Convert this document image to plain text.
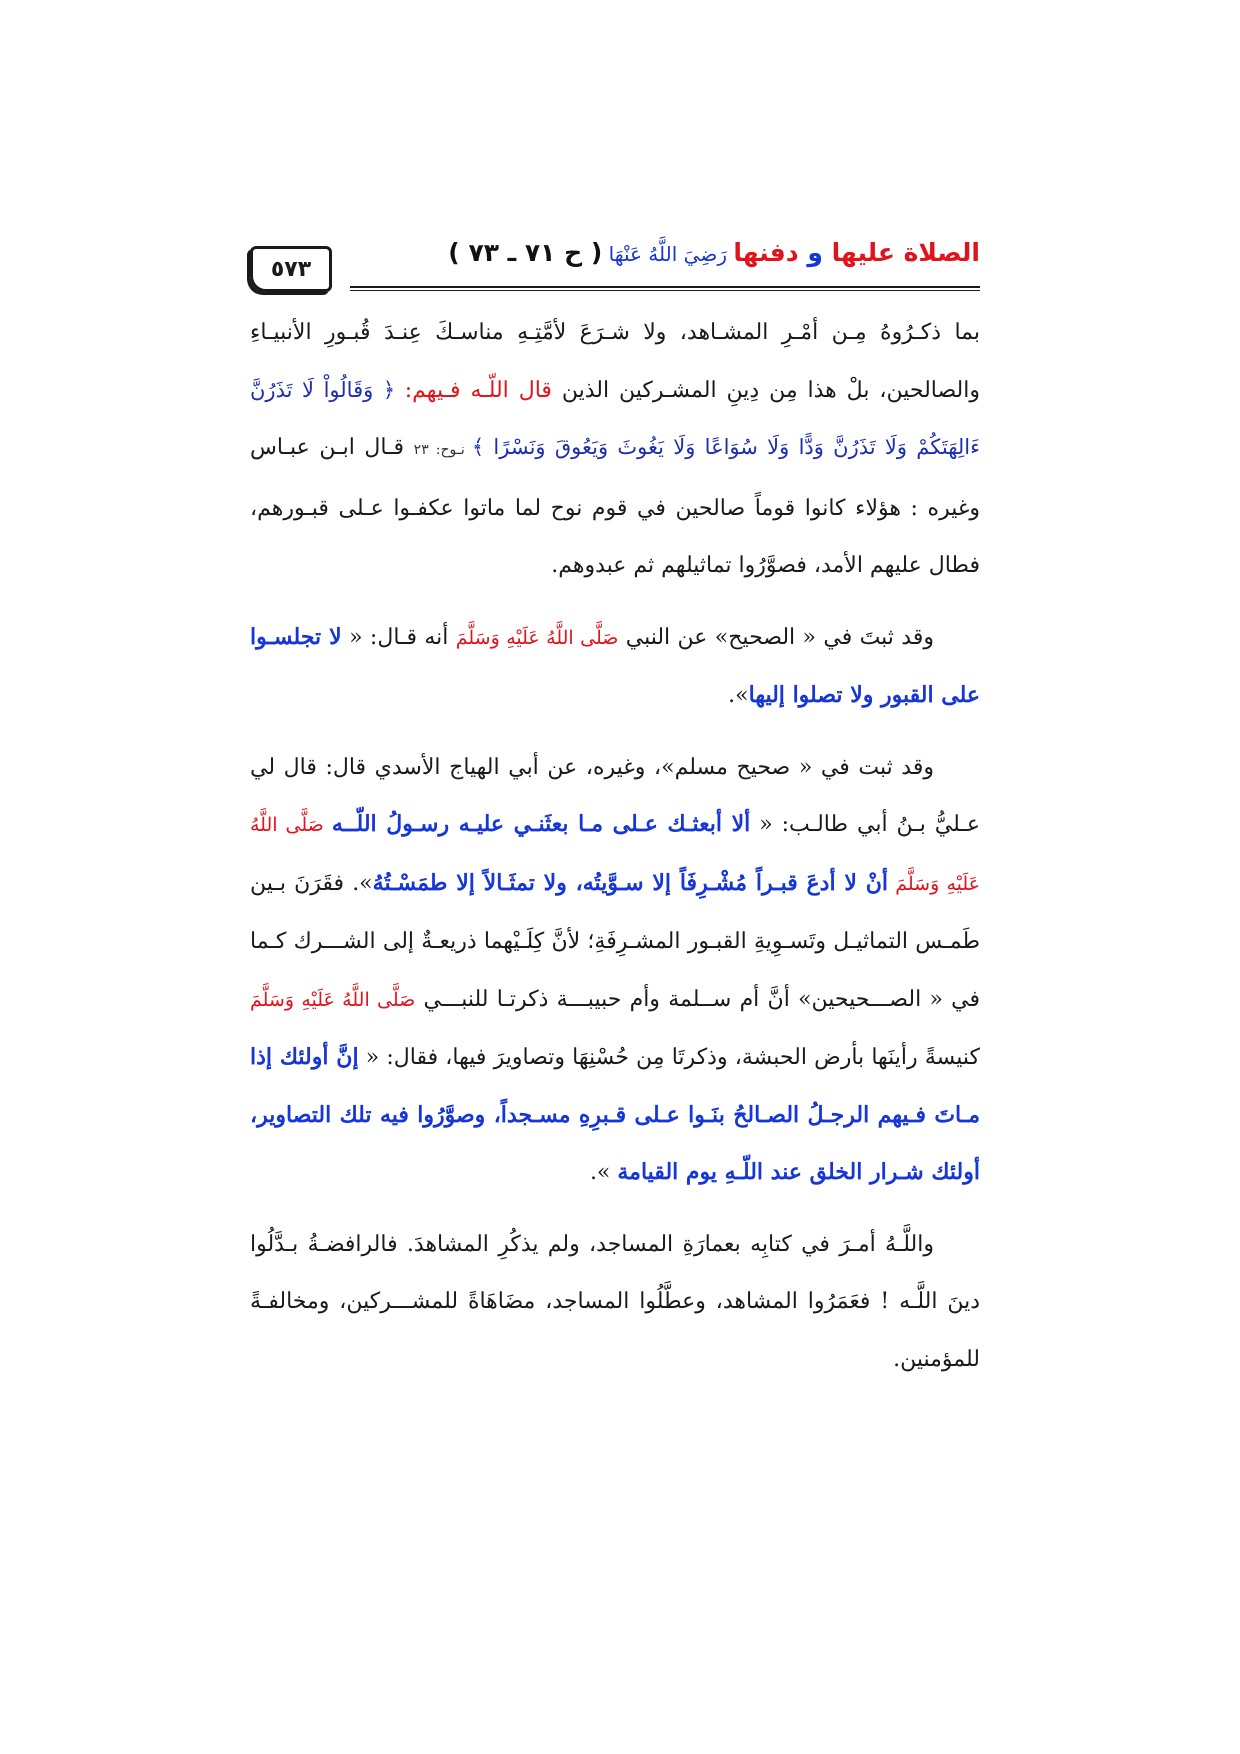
٥٧٣
الصلاة عليها و دفنها رَضِيَ اللَّهُ عَنْهَا ( ح ٧١ ـ ٧٣ )

بما ذكـرُوهُ مِـن أمْـرِ المشـاهد، ولا شـرَعَ لأمَّتِـهِ مناسـكَ عِنـدَ قُبـورِ الأنبيـاءِ والصالحين، بلْ هذا مِن دِينِ المشـركين الذين قال اللّـه فـيهم: ﴿ وَقَالُواْ لَا تَذَرُنَّ ءَالِهَتَكُمْ وَلَا تَذَرُنَّ وَدًّا وَلَا سُوَاعًا وَلَا يَغُوثَ وَيَعُوقَ وَنَسْرًا ﴾ نـوح: ٢٣ قـال ابـن عبـاس وغيره : هؤلاء كانوا قوماً صالحين في قوم نوح لما ماتوا عكفـوا عـلى قبـورهم، فطال عليهم الأمد، فصوَّرُوا تماثيلهم ثم عبدوهم.

وقد ثبتَ في « الصحيح» عن النبي صَلَّى اللَّهُ عَلَيْهِ وَسَلَّمَ أنه قـال: « لا تجلسـوا على القبور ولا تصلوا إليها».

وقد ثبت في « صحيح مسلم»، وغيره، عن أبي الهياج الأسدي قال: قال لي عـليُّ بـنُ أبي طالـب: « ألا أبعثـك عـلى مـا بعثَنـي عليـه رسـولُ اللّــه صَلَّى اللَّهُ عَلَيْهِ وَسَلَّمَ أنْ لا أدعَ قبـراً مُشْـرِفَاً إلا سـوَّيتُه، ولا تمثَـالاً إلا طمَسْـتُهُ». فقَرَنَ بـين طَمـس التماثيـل وتَسـوِيةِ القبـور المشـرِفَةِ؛ لأنَّ كِلَـيْهما ذريعـةٌ إلى الشـــرك كـما في « الصـــحيحين» أنَّ أم ســلمة وأم حبيبـــة ذكرتـا للنبـــي صَلَّى اللَّهُ عَلَيْهِ وَسَلَّمَ كنيسةً رأينَها بأرض الحبشة، وذكرتَا مِن حُسْنِهَا وتصاويرَ فيها، فقال: « إنَّ أولئك إذا مـاتَ فـيهم الرجـلُ الصـالحُ بنَـوا عـلى قـبرِهِ مسـجداً، وصوَّرُوا فيه تلك التصاوير، أولئك شـرار الخلق عند اللّـهِ يوم القيامة ».

واللَّـهُ أمـرَ في كتابِه بعمارَةِ المساجد، ولم يذكُرِ المشاهدَ. فالرافضـةُ بـدَّلُوا دينَ اللَّـه ! فعَمَرُوا المشاهد، وعطَّلُوا المساجد، مضَاهَاةً للمشـــركين، ومخالفـةً للمؤمنين.
